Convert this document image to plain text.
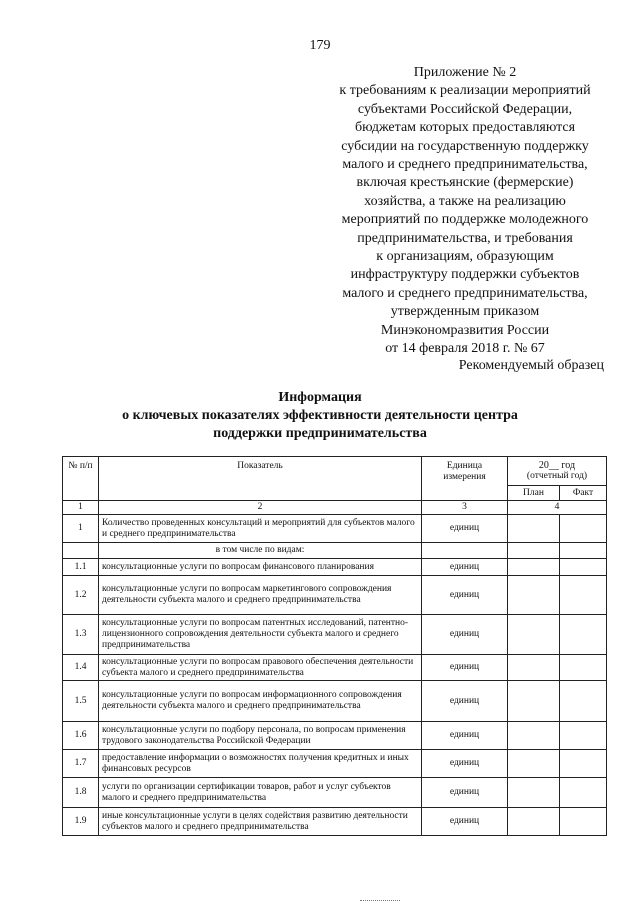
179
Приложение № 2
к требованиям к реализации мероприятий
субъектами Российской Федерации,
бюджетам которых предоставляются
субсидии на государственную поддержку
малого и среднего предпринимательства,
включая крестьянские (фермерские)
хозяйства, а также на реализацию
мероприятий по поддержке молодежного
предпринимательства, и требования
к организациям, образующим
инфраструктуру поддержки субъектов
малого и среднего предпринимательства,
утвержденным приказом
Минэкономразвития России
от 14 февраля 2018 г. № 67
Рекомендуемый образец
Информация
о ключевых показателях эффективности деятельности центра
поддержки предпринимательства
№ п/п	Показатель	Единица измерения	20__ год
(отчетный год)	

			План	Факт
1	2	3	4	
1	Количество проведенных консультаций и мероприятий для субъектов малого и среднего предпринимательства	единиц		
	в том числе по видам:			
1.1	консультационные услуги по вопросам финансового планирования	единиц		
1.2	консультационные услуги по вопросам маркетингового сопровождения деятельности субъекта малого и среднего предпринимательства	единиц		
1.3	консультационные услуги по вопросам патентных исследований, патентно-лицензионного сопровождения деятельности субъекта малого и среднего предпринимательства	единиц		
1.4	консультационные услуги по вопросам правового обеспечения деятельности субъекта малого и среднего предпринимательства	единиц		
1.5	консультационные услуги по вопросам информационного сопровождения деятельности субъекта малого и среднего предпринимательства	единиц		
1.6	консультационные услуги по подбору персонала, по вопросам применения трудового законодательства Российской Федерации	единиц		
1.7	предоставление информации о возможностях получения кредитных и иных финансовых ресурсов	единиц		
1.8	услуги по организации сертификации товаров, работ и услуг субъектов малого и среднего предпринимательства	единиц		
1.9	иные консультационные услуги в целях содействия развитию деятельности субъектов малого и среднего предпринимательства	единиц		
